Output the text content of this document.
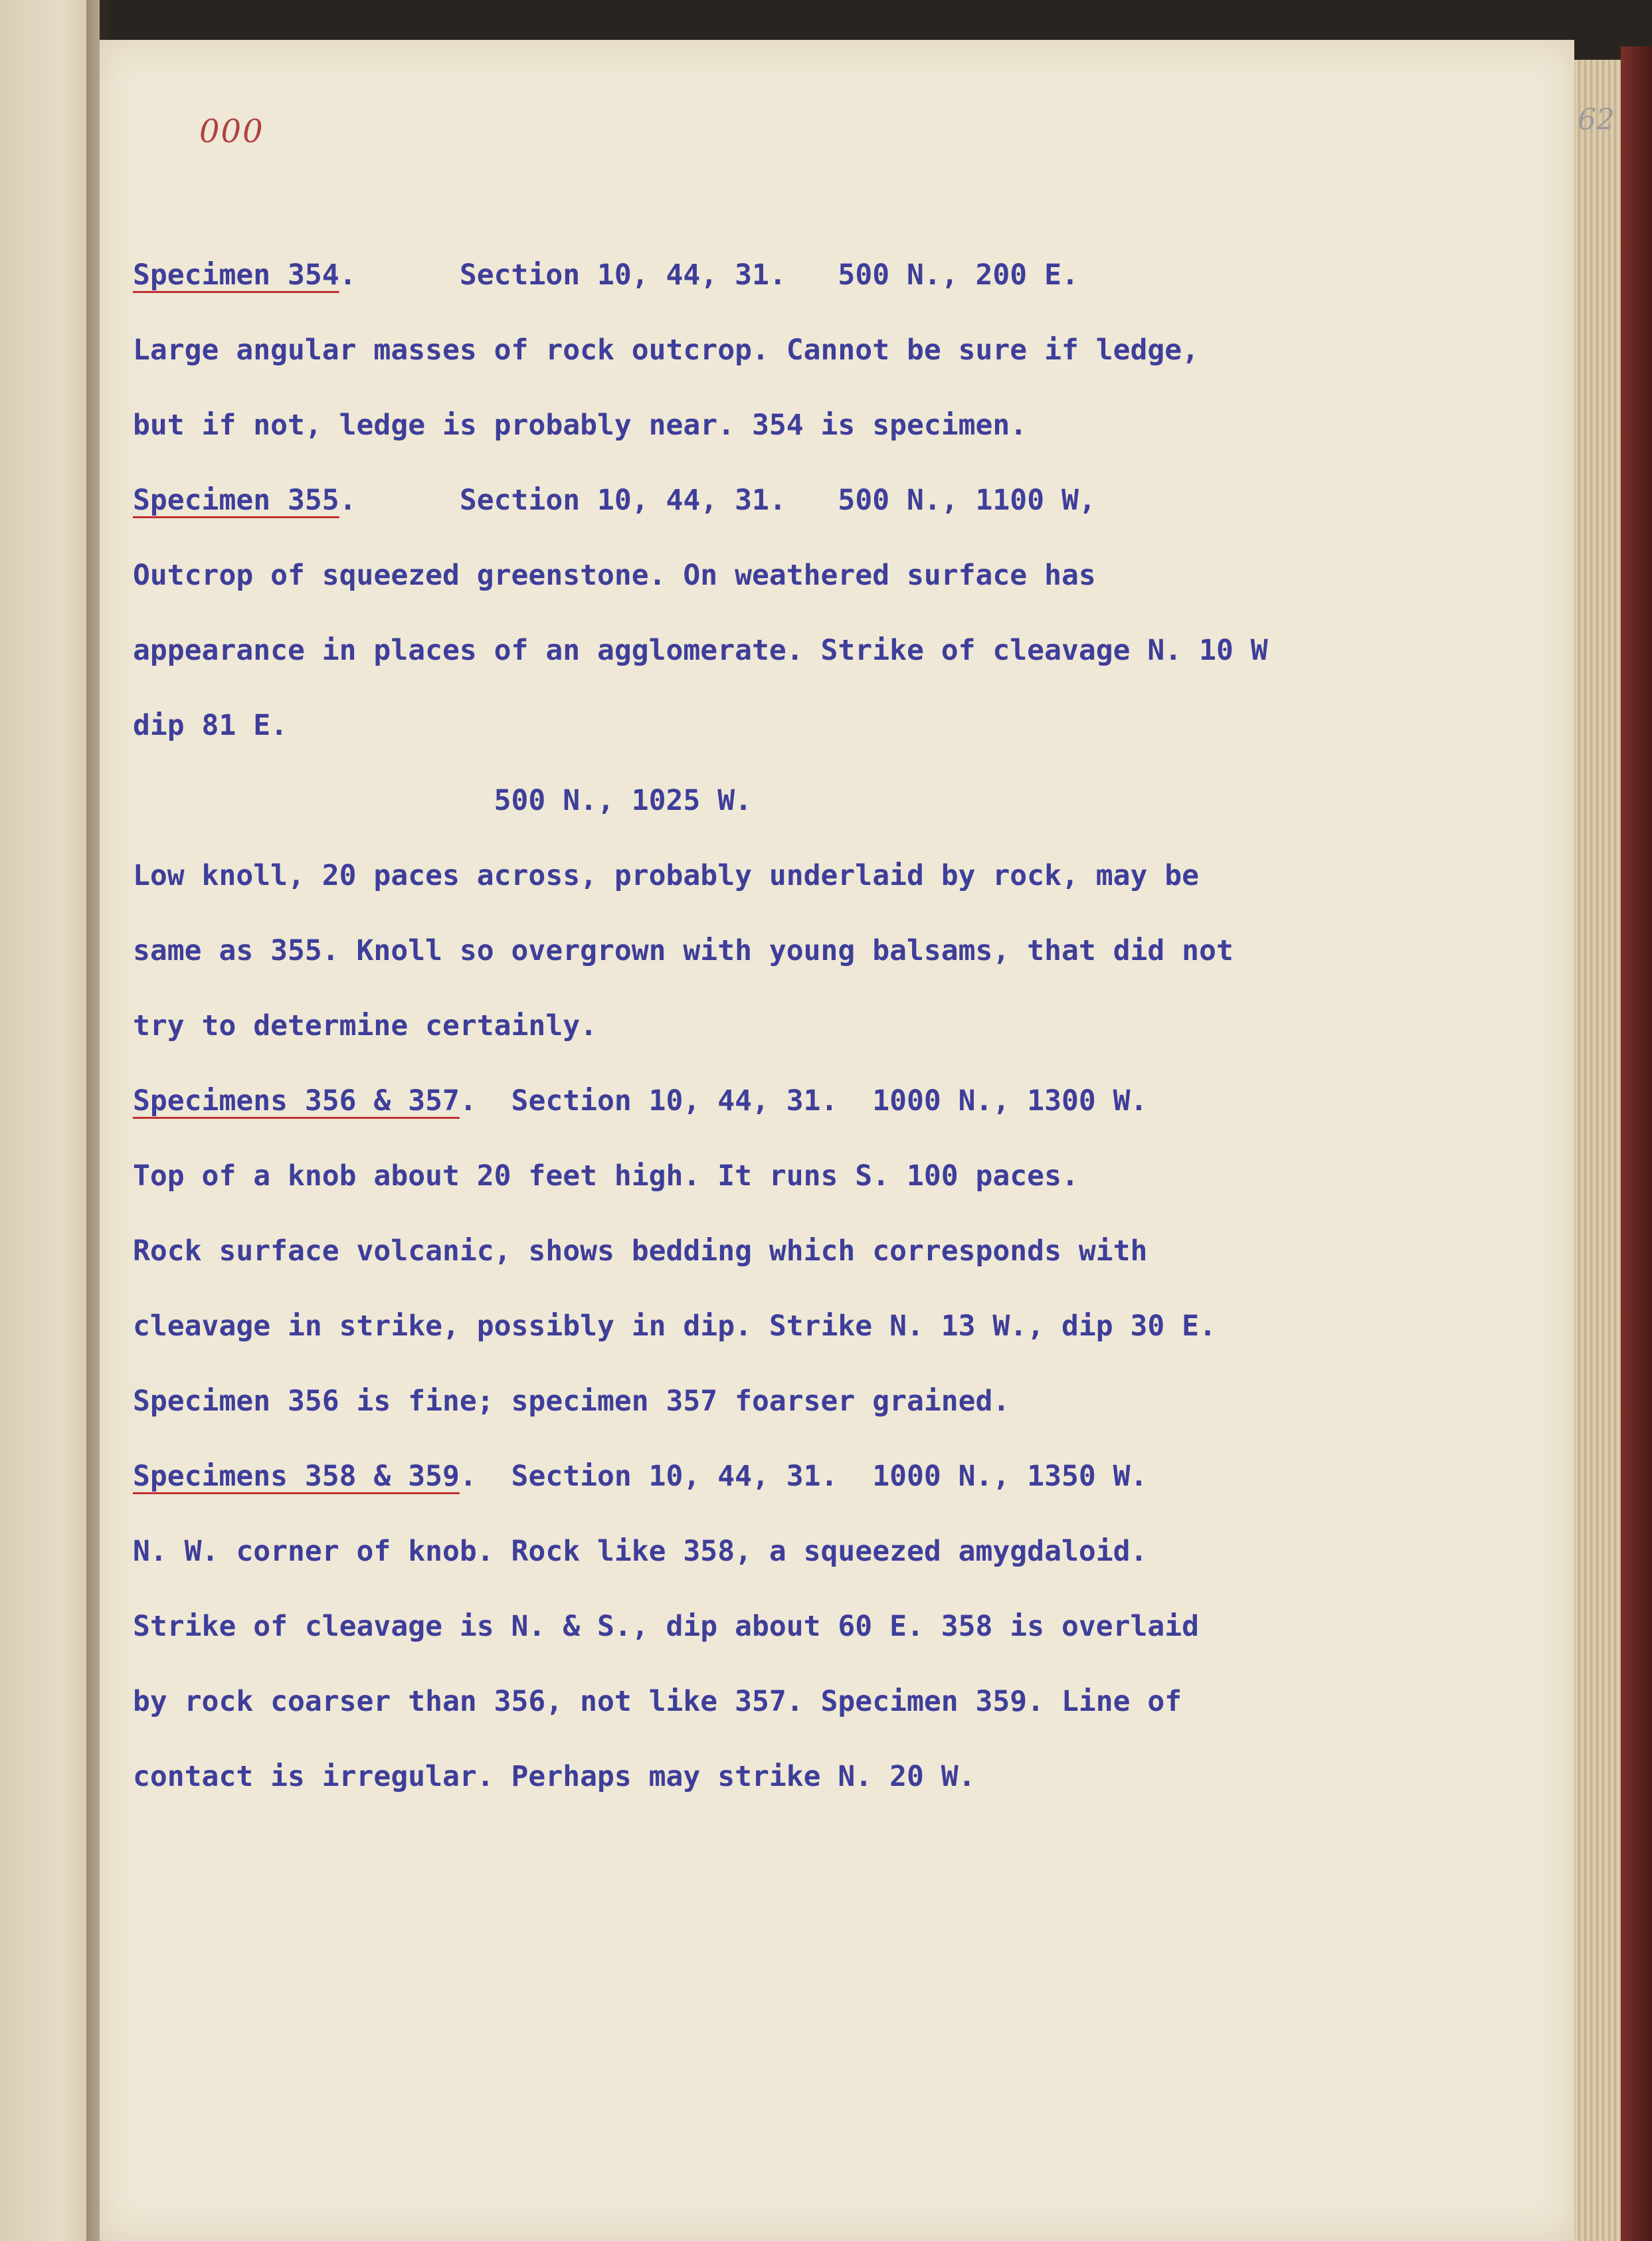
62
000
Specimen 354.      Section 10, 44, 31.   500 N., 200 E.
Large angular masses of rock outcrop. Cannot be sure if ledge,
but if not, ledge is probably near. 354 is specimen.
Specimen 355.      Section 10, 44, 31.   500 N., 1100 W,
Outcrop of squeezed greenstone. On weathered surface has
appearance in places of an agglomerate. Strike of cleavage N. 10 W
dip 81 E.
500 N., 1025 W.
Low knoll, 20 paces across, probably underlaid by rock, may be
same as 355. Knoll so overgrown with young balsams, that did not
try to determine certainly.
Specimens 356 & 357.  Section 10, 44, 31.  1000 N., 1300 W.
Top of a knob about 20 feet high. It runs S. 100 paces.
Rock surface volcanic, shows bedding which corresponds with
cleavage in strike, possibly in dip. Strike N. 13 W., dip 30 E.
Specimen 356 is fine; specimen 357 foarser grained.
Specimens 358 & 359.  Section 10, 44, 31.  1000 N., 1350 W.
N. W. corner of knob. Rock like 358, a squeezed amygdaloid.
Strike of cleavage is N. & S., dip about 60 E. 358 is overlaid
by rock coarser than 356, not like 357. Specimen 359. Line of
contact is irregular. Perhaps may strike N. 20 W.
